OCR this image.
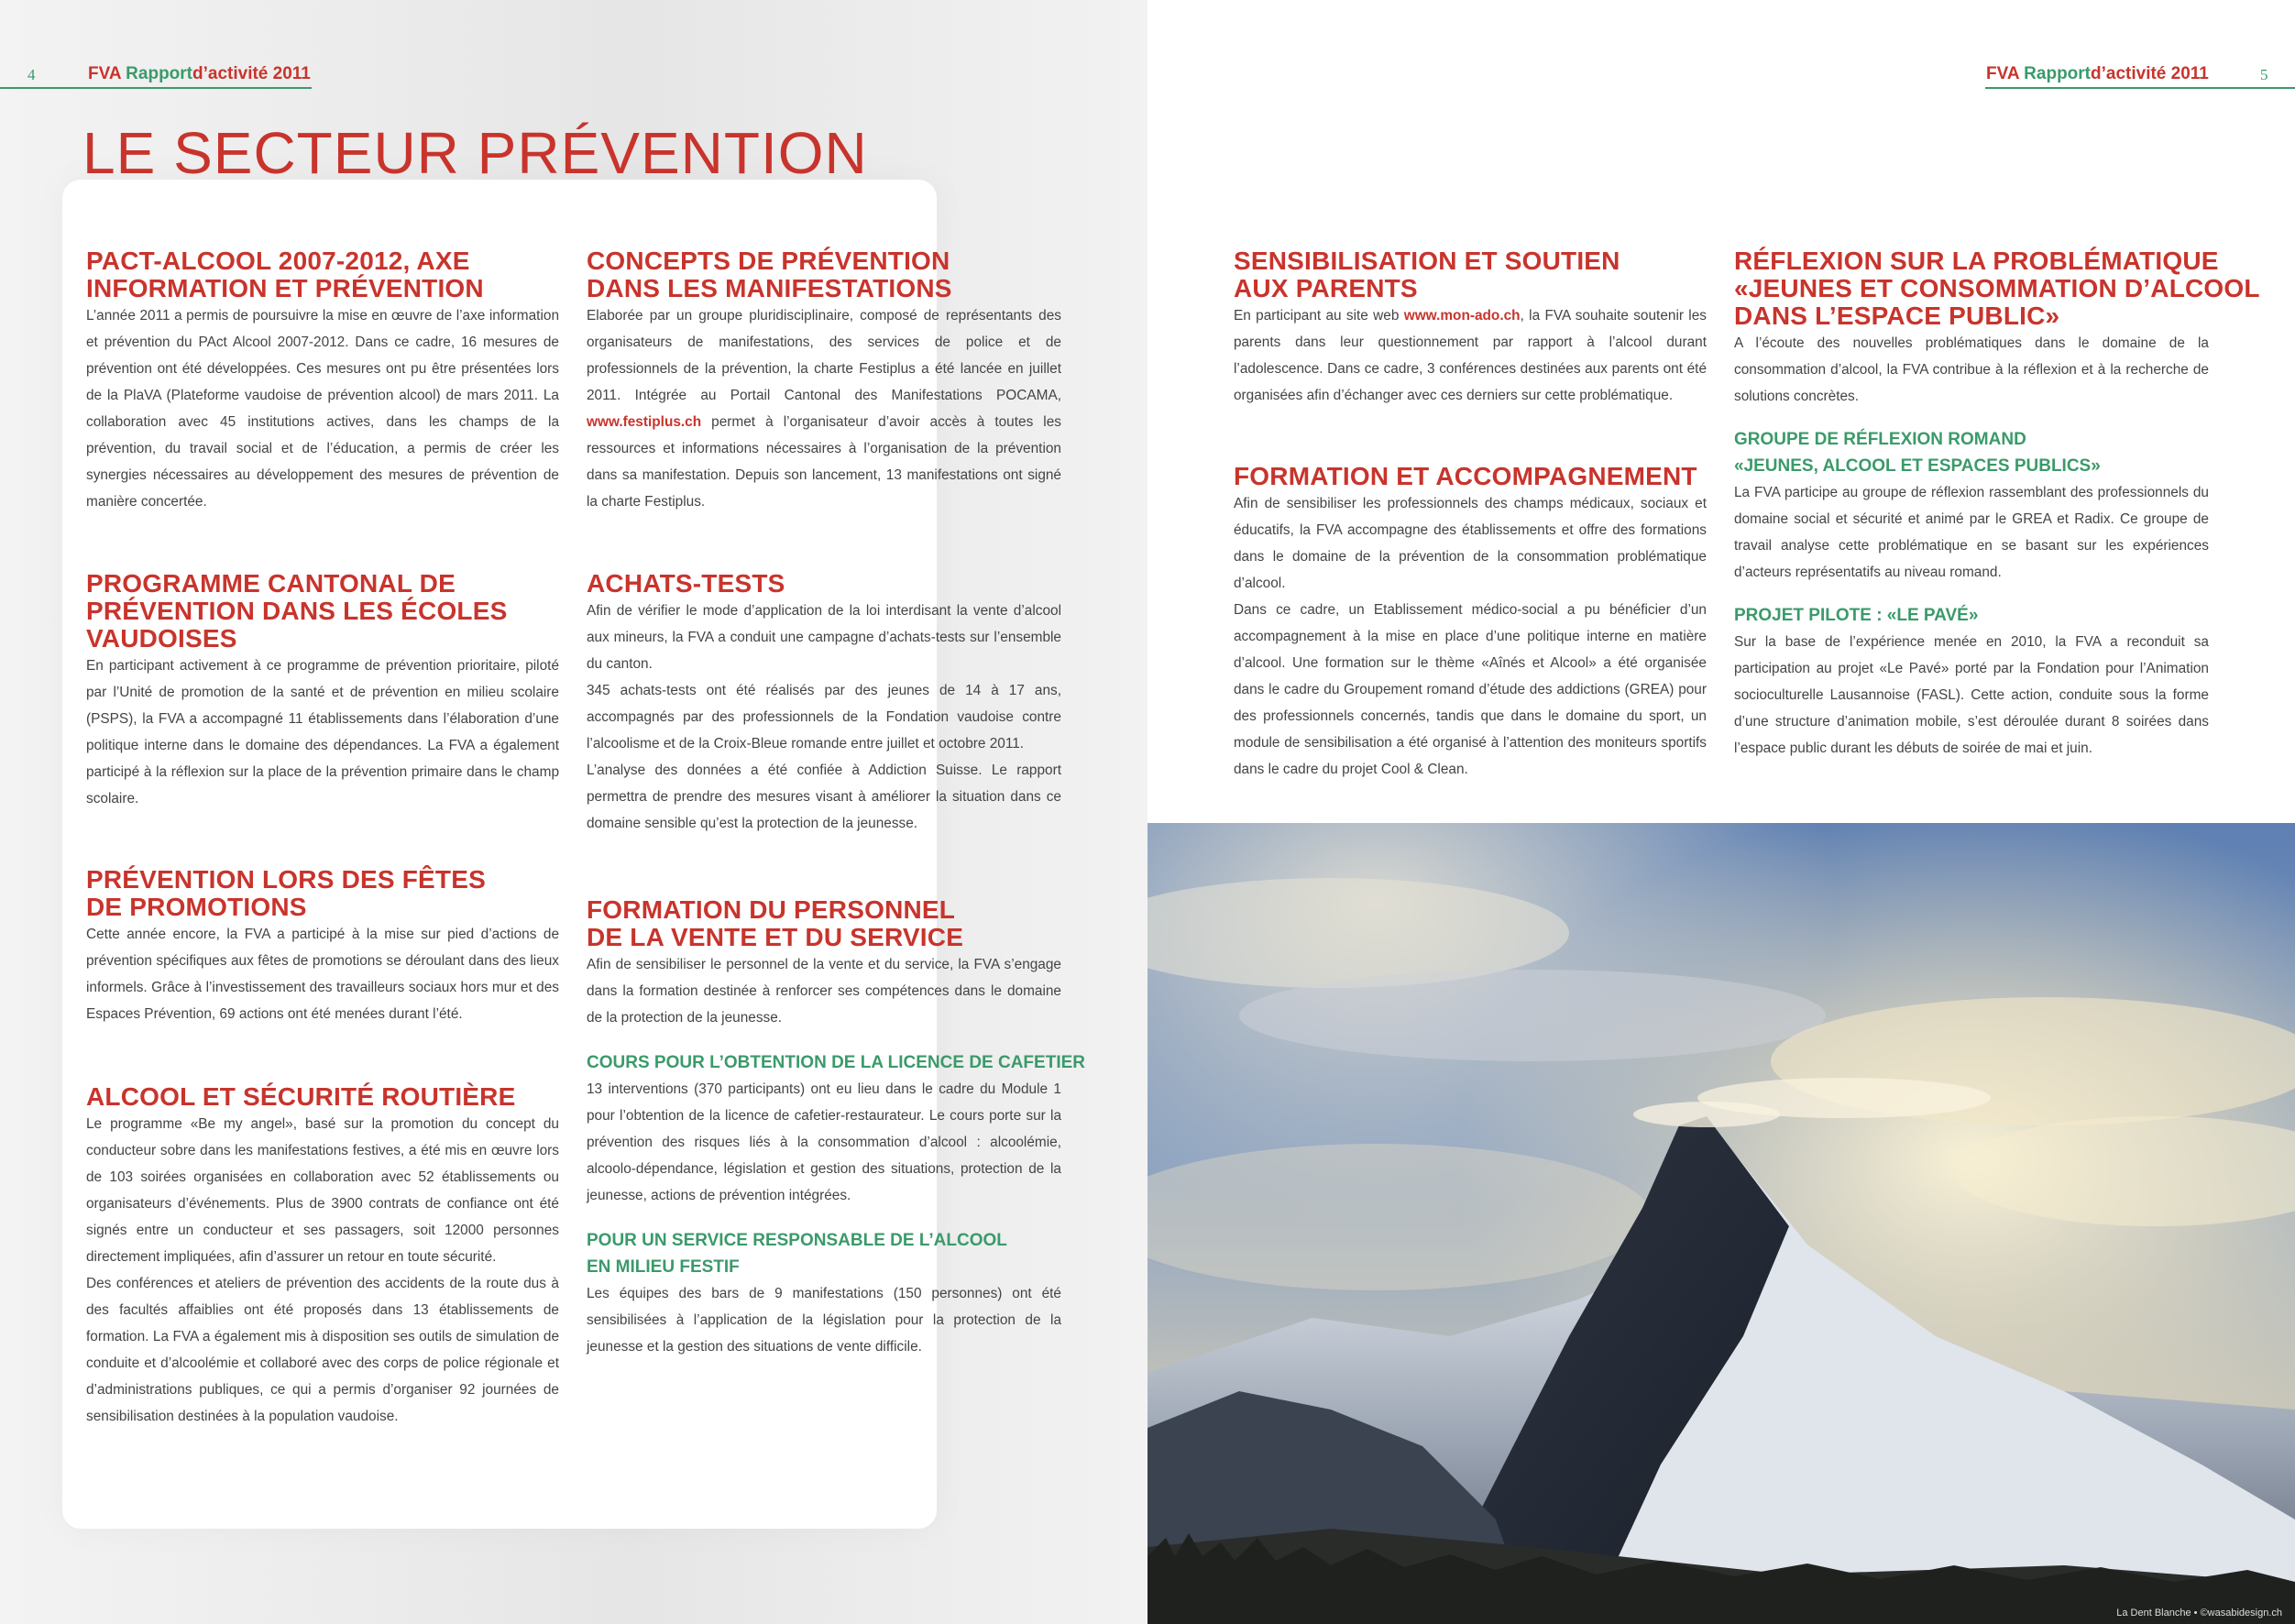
4	FVA Rapportd’activité 2011
LE SECTEUR PRÉVENTION
PACT-ALCOOL 2007-2012, AXE
INFORMATION ET PRÉVENTION

L’année 2011 a permis de poursuivre la mise en œuvre de l’axe information et prévention du PAct Alcool 2007-2012. Dans ce cadre, 16 mesures de prévention ont été développées. Ces mesures ont pu être présentées lors de la PlaVA (Plateforme vaudoise de prévention alcool) de mars 2011. La collaboration avec 45 institutions actives, dans les champs de la prévention, du travail social et de l’éducation, a permis de créer les synergies nécessaires au développement des mesures de prévention de manière concertée.

PROGRAMME CANTONAL DE
PRÉVENTION DANS LES ÉCOLES
VAUDOISES

En participant activement à ce programme de prévention prioritaire, piloté par l’Unité de promotion de la santé et de prévention en milieu scolaire (PSPS), la FVA a accompagné 11 établissements dans l’élaboration d’une politique interne dans le domaine des dépendances. La FVA a également participé à la réflexion sur la place de la prévention primaire dans le champ scolaire.

PRÉVENTION LORS DES FÊTES
DE PROMOTIONS

Cette année encore, la FVA a participé à la mise sur pied d’actions de prévention spécifiques aux fêtes de promotions se déroulant dans des lieux informels. Grâce à l’investissement des travailleurs sociaux hors mur et des Espaces Prévention, 69 actions ont été menées durant l’été.

ALCOOL ET SÉCURITÉ ROUTIÈRE

Le programme «Be my angel», basé sur la promotion du concept du conducteur sobre dans les manifestations festives, a été mis en œuvre lors de 103 soirées organisées en collaboration avec 52 établissements ou organisateurs d’événements. Plus de 3900 contrats de confiance ont été signés entre un conducteur et ses passagers, soit 12000 personnes directement impliquées, afin d’assurer un retour en toute sécurité.

Des conférences et ateliers de prévention des accidents de la route dus à des facultés affaiblies ont été proposés dans 13 établissements de formation. La FVA a également mis à disposition ses outils de simulation de conduite et d’alcoolémie et collaboré avec des corps de police régionale et d’administrations publiques, ce qui a permis d’organiser 92 journées de sensibilisation destinées à la population vaudoise.

CONCEPTS DE PRÉVENTION
DANS LES MANIFESTATIONS

Elaborée par un groupe pluridisciplinaire, composé de représentants des organisateurs de manifestations, des services de police et de professionnels de la prévention, la charte Festiplus a été lancée en juillet 2011. Intégrée au Portail Cantonal des Manifestations POCAMA, www.festiplus.ch permet à l’organisateur d’avoir accès à toutes les ressources et informations nécessaires à l’organisation de la prévention dans sa manifestation. Depuis son lancement, 13 manifestations ont signé la charte Festiplus.

ACHATS-TESTS

Afin de vérifier le mode d’application de la loi interdisant la vente d’alcool aux mineurs, la FVA a conduit une campagne d’achats-tests sur l’ensemble du canton.

345 achats-tests ont été réalisés par des jeunes de 14 à 17 ans, accompagnés par des professionnels de la Fondation vaudoise contre l’alcoolisme et de la Croix-Bleue romande entre juillet et octobre 2011.

L’analyse des données a été confiée à Addiction Suisse. Le rapport permettra de prendre des mesures visant à améliorer la situation dans ce domaine sensible qu’est la protection de la jeunesse.

FORMATION DU PERSONNEL
DE LA VENTE ET DU SERVICE

Afin de sensibiliser le personnel de la vente et du service, la FVA s’engage dans la formation destinée à renforcer ses compétences dans le domaine de la protection de la jeunesse.

COURS POUR L’OBTENTION DE LA LICENCE DE CAFETIER

13 interventions (370 participants) ont eu lieu dans le cadre du Module 1 pour l’obtention de la licence de cafetier-restaurateur. Le cours porte sur la prévention des risques liés à la consommation d’alcool : alcoolémie, alcoolo-dépendance, législation et gestion des situations, protection de la jeunesse, actions de prévention intégrées.

POUR UN SERVICE RESPONSABLE DE L’ALCOOL
EN MILIEU FESTIF

Les équipes des bars de 9 manifestations (150 personnes) ont été sensibilisées à l’application de la législation pour la protection de la jeunesse et la gestion des situations de vente difficile.

FVA Rapportd’activité 2011	5
SENSIBILISATION ET SOUTIEN
AUX PARENTS

En participant au site web www.mon-ado.ch, la FVA souhaite soutenir les parents dans leur questionnement par rapport à l’alcool durant l’adolescence. Dans ce cadre, 3 conférences destinées aux parents ont été organisées afin d’échanger avec ces derniers sur cette problématique.

FORMATION ET ACCOMPAGNEMENT

Afin de sensibiliser les professionnels des champs médicaux, sociaux et éducatifs, la FVA accompagne des établissements et offre des formations dans le domaine de la prévention de la consommation problématique d’alcool.

Dans ce cadre, un Etablissement médico-social a pu bénéficier d’un accompagnement à la mise en place d’une politique interne en matière d’alcool. Une formation sur le thème «Aînés et Alcool» a été organisée dans le cadre du Groupement romand d’étude des addictions (GREA) pour des professionnels concernés, tandis que dans le domaine du sport, un module de sensibilisation a été organisé à l’attention des moniteurs sportifs dans le cadre du projet Cool & Clean.

RÉFLEXION SUR LA PROBLÉMATIQUE
«JEUNES ET CONSOMMATION D’ALCOOL
DANS L’ESPACE PUBLIC»

A l’écoute des nouvelles problématiques dans le domaine de la consommation d’alcool, la FVA contribue à la réflexion et à la recherche de solutions concrètes.

GROUPE DE RÉFLEXION ROMAND
«JEUNES, ALCOOL ET ESPACES PUBLICS»

La FVA participe au groupe de réflexion rassemblant des professionnels du domaine social et sécurité et animé par le GREA et Radix. Ce groupe de travail analyse cette problématique en se basant sur les expériences d’acteurs représentatifs au niveau romand.

PROJET PILOTE : «LE PAVÉ»

Sur la base de l’expérience menée en 2010, la FVA a reconduit sa participation au projet «Le Pavé» porté par la Fondation pour l’Animation socioculturelle Lausannoise (FASL). Cette action, conduite sous la forme d’une structure d’animation mobile, s’est déroulée durant 8 soirées dans l’espace public durant les débuts de soirée de mai et juin.

La Dent Blanche • ©wasabidesign.ch
